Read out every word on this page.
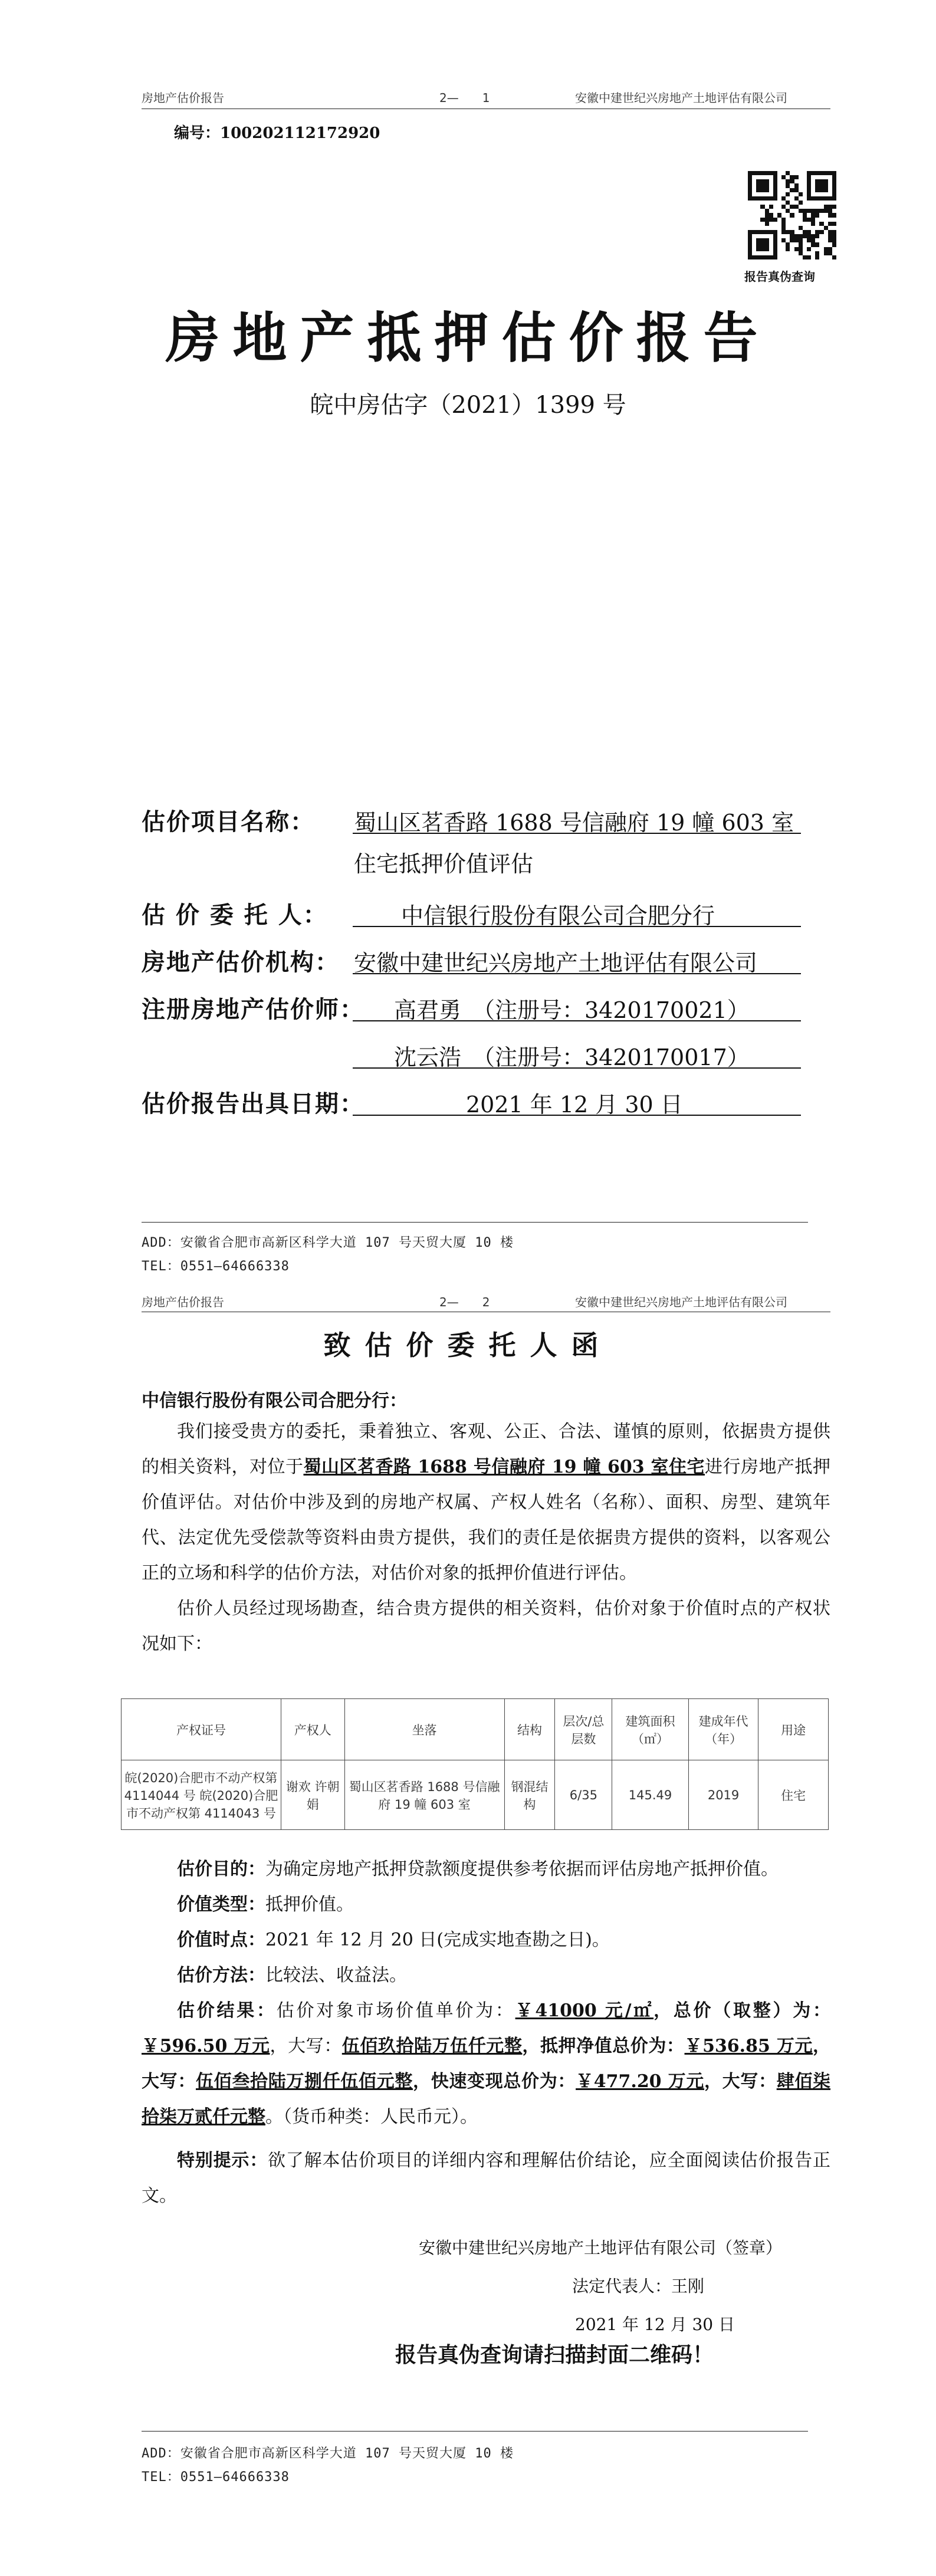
房地产估价报告	2—　　1	安徽中建世纪兴房地产土地评估有限公司
编号：100202112172920
报告真伪查询
房地产抵押估价报告
皖中房估字（2021）1399 号
估价项目名称： 蜀山区茗香路 1688 号信融府 19 幢 603 室
住宅抵押价值评估
估 价 委 托 人：	中信银行股份有限公司合肥分行
房地产估价机构： 安徽中建世纪兴房地产土地评估有限公司
注册房地产估价师： 高君勇　（注册号：3420170021）
沈云浩　（注册号：3420170017）
估价报告出具日期：	2021 年 12 月 30 日
ADD：安徽省合肥市高新区科学大道 107 号天贸大厦 10 楼
TEL：0551—64666338
房地产估价报告	2—　　2	安徽中建世纪兴房地产土地评估有限公司
致估价委托人函
中信银行股份有限公司合肥分行：

我们接受贵方的委托，秉着独立、客观、公正、合法、谨慎的原则，依据贵方提供的相关资料，对位于蜀山区茗香路 1688 号信融府 19 幢 603 室住宅进行房地产抵押价值评估。对估价中涉及到的房地产权属、产权人姓名（名称）、面积、房型、建筑年代、法定优先受偿款等资料由贵方提供，我们的责任是依据贵方提供的资料，以客观公正的立场和科学的估价方法，对估价对象的抵押价值进行评估。

估价人员经过现场勘查，结合贵方提供的相关资料，估价对象于价值时点的产权状况如下：

产权证号	产权人	坐落	结构	层次/总层数	建筑面积（㎡）	建成年代（年）	用途
皖(2020)合肥市不动产权第 4114044 号 皖(2020)合肥市不动产权第 4114043 号	谢欢 许朝娟	蜀山区茗香路 1688 号信融府 19 幢 603 室	钢混结构	6/35	145.49	2019	住宅

估价目的：为确定房地产抵押贷款额度提供参考依据而评估房地产抵押价值。

价值类型：抵押价值。

价值时点：2021 年 12 月 20 日(完成实地查勘之日)。

估价方法：比较法、收益法。

估价结果：估价对象市场价值单价为：￥41000 元/㎡，总价（取整）为：￥596.50 万元，大写：伍佰玖拾陆万伍仟元整，抵押净值总价为：￥536.85 万元，大写：伍佰叁拾陆万捌仟伍佰元整，快速变现总价为：￥477.20 万元，大写：肆佰柒拾柒万贰仟元整。（货币种类：人民币元）。

特别提示：欲了解本估价项目的详细内容和理解估价结论，应全面阅读估价报告正文。

安徽中建世纪兴房地产土地评估有限公司（签章）
法定代表人：王刚
2021 年 12 月 30 日
报告真伪查询请扫描封面二维码！
ADD：安徽省合肥市高新区科学大道 107 号天贸大厦 10 楼
TEL：0551—64666338
